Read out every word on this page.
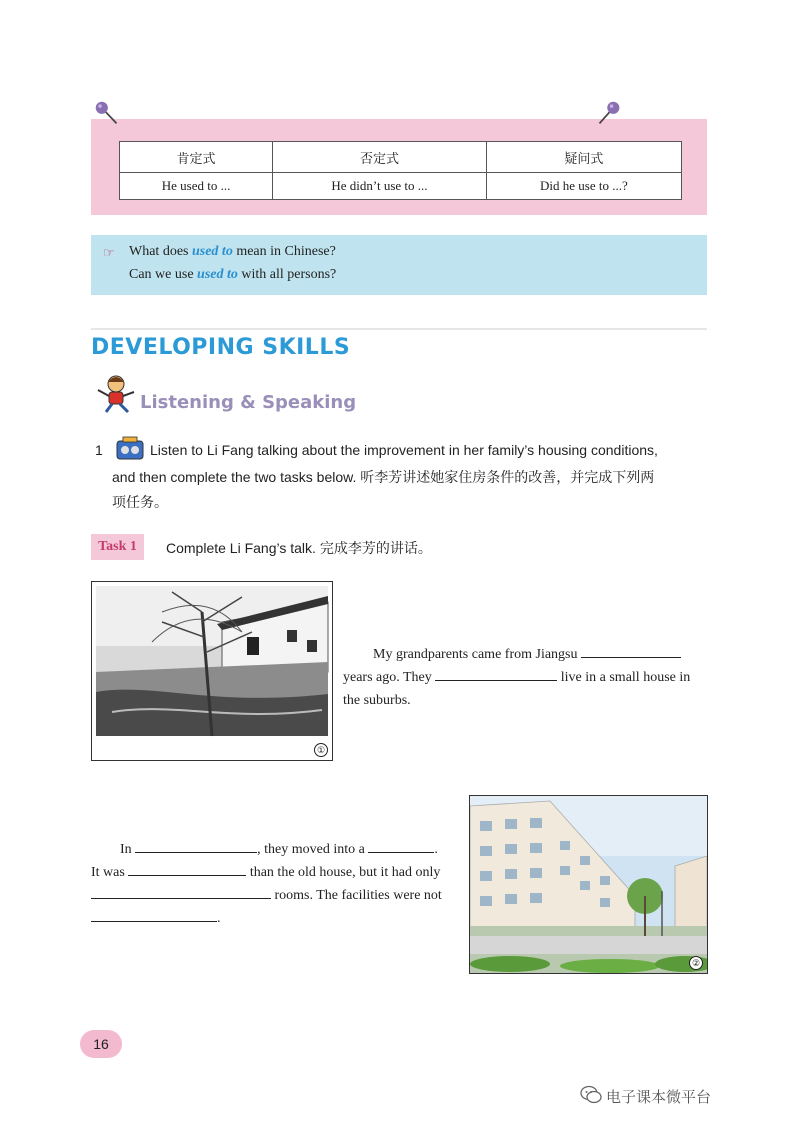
肯定式	否定式	疑问式
He used to ...	He didn’t use to ...	Did he use to ...?
☞ What does used to mean in Chinese?
Can we use used to with all persons?
DEVELOPING SKILLS
Listening & Speaking
1	Listen to Li Fang talking about the improvement in her family’s housing conditions,
and then complete the two tasks below. 听李芳讲述她家住房条件的改善，并完成下列两
项任务。
Task 1	Complete Li Fang’s talk. 完成李芳的讲话。
①
My grandparents came from Jiangsu
years ago. They	live in a small house in
the suburbs.
In	, they moved into a	.
It was	than the old house, but it had only
rooms. The facilities were not
.
②
16
电子课本微平台
